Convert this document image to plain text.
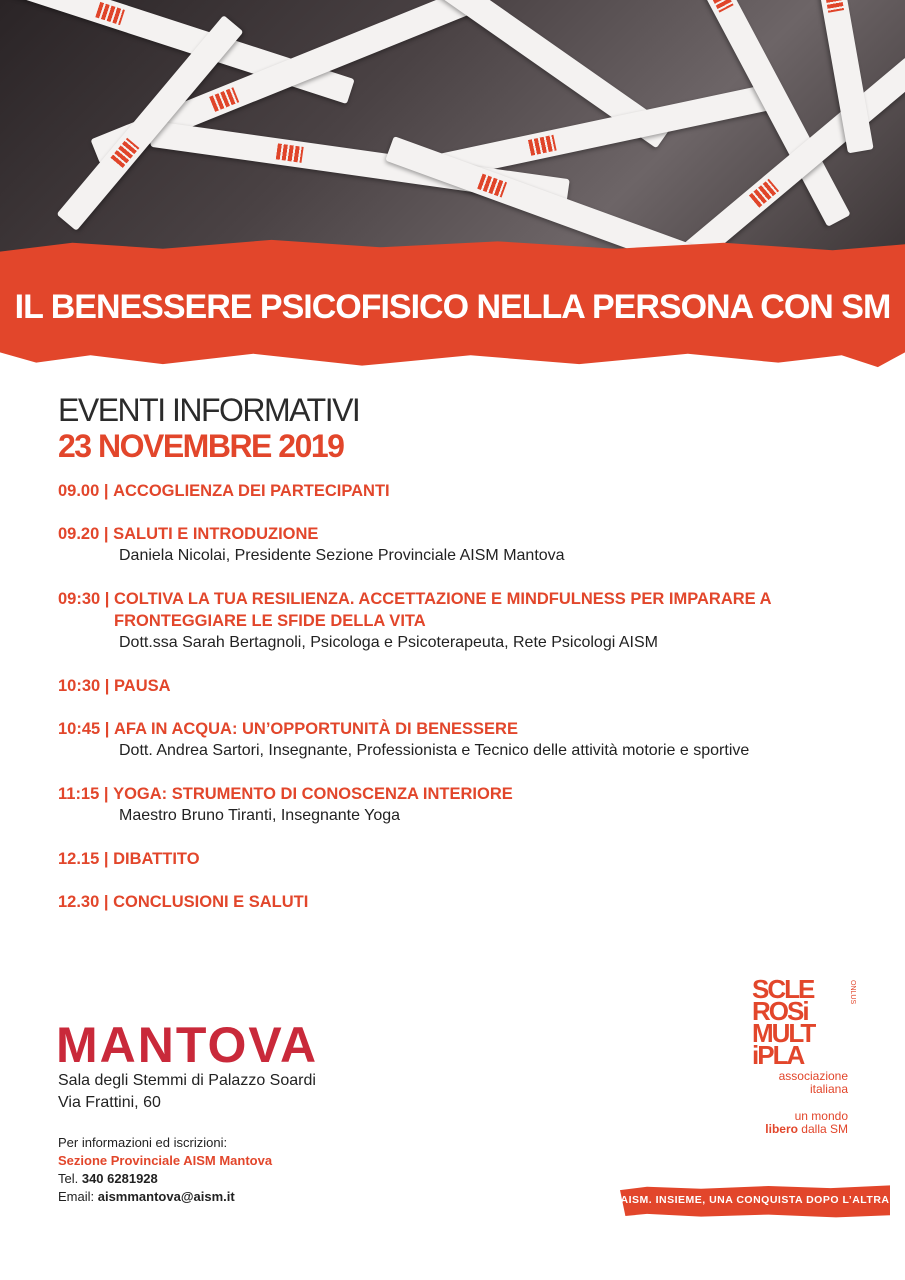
IL BENESSERE PSICOFISICO NELLA PERSONA CON SM
EVENTI INFORMATIVI
23 NOVEMBRE 2019
09.00 | ACCOGLIENZA DEI PARTECIPANTI
09.20 | SALUTI E INTRODUZIONE
Daniela Nicolai, Presidente Sezione Provinciale AISM Mantova
09:30 | COLTIVA LA TUA RESILIENZA. ACCETTAZIONE E MINDFULNESS PER IMPARARE A FRONTEGGIARE LE SFIDE DELLA VITA
Dott.ssa Sarah Bertagnoli, Psicologa e Psicoterapeuta, Rete Psicologi AISM
10:30 | PAUSA
10:45 | AFA IN ACQUA: UN’OPPORTUNITÀ DI BENESSERE
Dott. Andrea Sartori, Insegnante, Professionista e Tecnico delle attività motorie e sportive
11:15 | YOGA: STRUMENTO DI CONOSCENZA INTERIORE
Maestro Bruno Tiranti, Insegnante Yoga
12.15 | DIBATTITO
12.30 | CONCLUSIONI E SALUTI
MANTOVA
Sala degli Stemmi di Palazzo Soardi
Via Frattini, 60
Per informazioni ed iscrizioni:
Sezione Provinciale AISM Mantova
Tel. 340 6281928
Email: aismmantova@aism.it
SCLE
ROSi
MULT
iPLA
ONLUS
associazione
italiana
un mondo
libero dalla SM
AISM. INSIEME, UNA CONQUISTA DOPO L’ALTRA
